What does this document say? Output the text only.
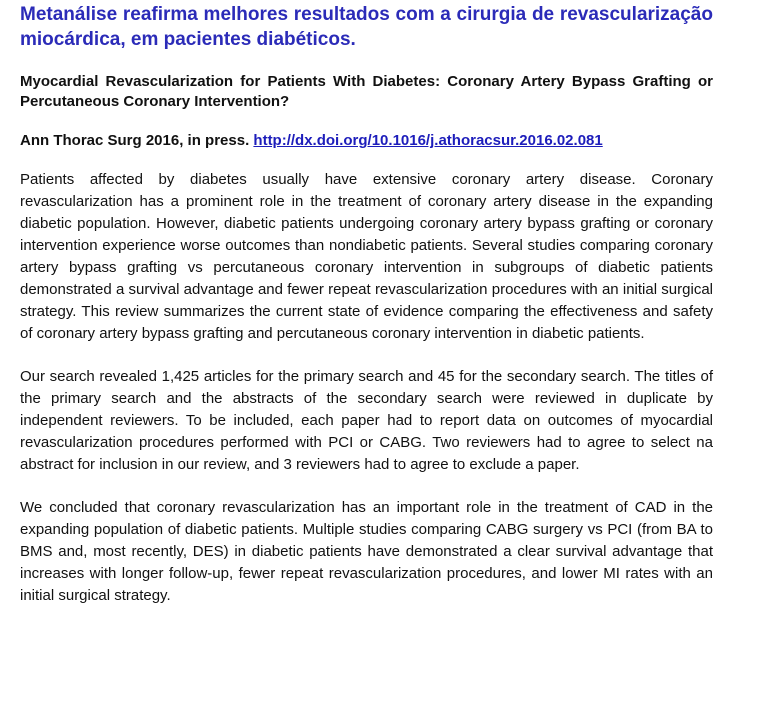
Metanálise reafirma melhores resultados com a cirurgia de revascularização miocárdica, em pacientes diabéticos.
Myocardial Revascularization for Patients With Diabetes: Coronary Artery Bypass Grafting or Percutaneous Coronary Intervention?

Ann Thorac Surg 2016, in press. http://dx.doi.org/10.1016/j.athoracsur.2016.02.081

Patients affected by diabetes usually have extensive coronary artery disease. Coronary revascularization has a prominent role in the treatment of coronary artery disease in the expanding diabetic population. However, diabetic patients undergoing coronary artery bypass grafting or coronary intervention experience worse outcomes than nondiabetic patients. Several studies comparing coronary artery bypass grafting vs percutaneous coronary intervention in subgroups of diabetic patients demonstrated a survival advantage and fewer repeat revascularization procedures with an initial surgical strategy. This review summarizes the current state of evidence comparing the effectiveness and safety of coronary artery bypass grafting and percutaneous coronary intervention in diabetic patients.

Our search revealed 1,425 articles for the primary search and 45 for the secondary search. The titles of the primary search and the abstracts of the secondary search were reviewed in duplicate by independent reviewers. To be included, each paper had to report data on outcomes of myocardial revascularization procedures performed with PCI or CABG. Two reviewers had to agree to select na abstract for inclusion in our review, and 3 reviewers had to agree to exclude a paper.

We concluded that coronary revascularization has an important role in the treatment of CAD in the expanding population of diabetic patients. Multiple studies comparing CABG surgery vs PCI (from BA to BMS and, most recently, DES) in diabetic patients have demonstrated a clear survival advantage that increases with longer follow-up, fewer repeat revascularization procedures, and lower MI rates with an initial surgical strategy.
